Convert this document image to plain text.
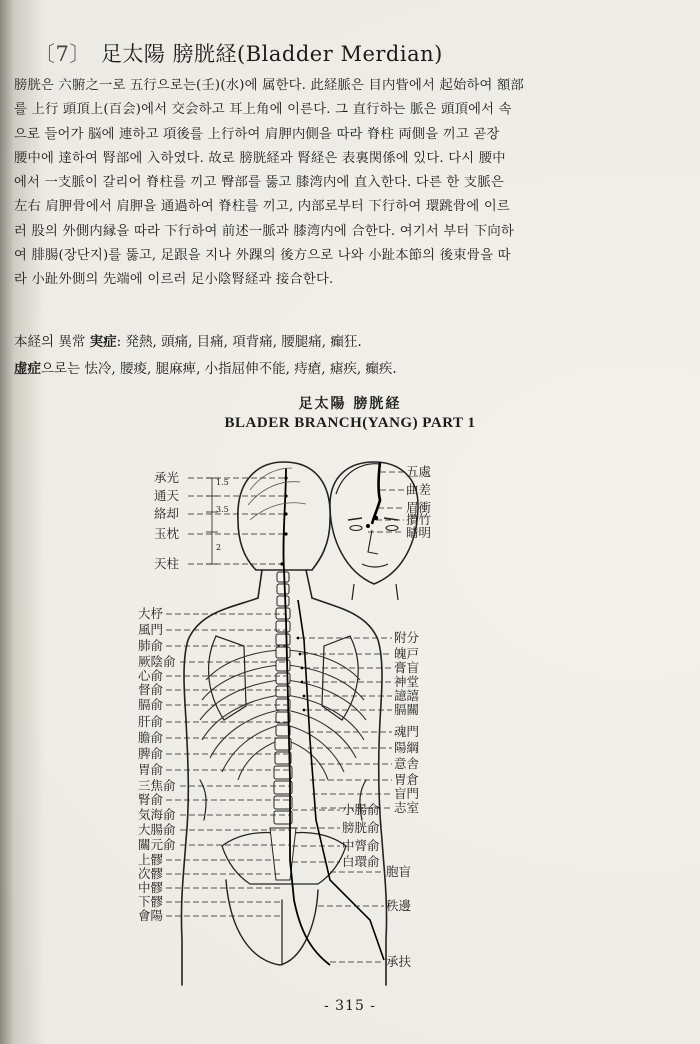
〔7〕 足太陽 膀胱経(Bladder Merdian)

膀胱은 六腑之一로 五行으로는(壬)(水)에 属한다. 此経脈은 目内眥에서 起始하여 額部

를 上行 頭頂上(百会)에서 交会하고 耳上角에 이른다. 그 直行하는 脈은 頭頂에서 속

으로 들어가 脳에 連하고 項後를 上行하여 肩胛内側을 따라 脊柱 両側을 끼고 곧장

腰中에 達하여 腎部에 入하였다. 故로 膀胱経과 腎経은 表裏関係에 있다. 다시 腰中

에서 一支脈이 갈리어 脊柱를 끼고 臀部를 뚫고 膝湾内에 直入한다. 다른 한 支脈은

左右 肩胛骨에서 肩胛을 通過하여 脊柱를 끼고, 内部로부터 下行하여 環跳骨에 이르

러 股의 外側内縁을 따라 下行하여 前述一脈과 膝湾内에 合한다. 여기서 부터 下向하

여 腓腸(장단지)를 뚫고, 足跟을 지나 外踝의 後方으로 나와 小趾本節의 後束骨을 따

라 小趾外側의 先端에 이르러 足小陰腎経과 接合한다.

本経의 異常 実症: 発熱, 頭痛, 目痛, 項背痛, 腰腿痛, 癲狂.
虚症으로는 怯冷, 腰痠, 腿麻痺, 小指屈伸不能, 痔瘡, 瘧疾, 癲疾.
足太陽 膀胱経
BLADER BRANCH(YANG) PART 1
1.5
3.5
2
承光
通天
絡却
玉枕
天柱
五處
曲差
眉衝
攢竹
睛明
大杼
風門
肺俞
厥陰俞
心俞
督俞
膈俞
肝俞
膽俞
脾俞
胃俞
三焦俞
腎俞
気海俞
大腸俞
關元俞
上髎
次髎
中髎
下髎
會陽
附分
魄戸
膏盲
神堂
譩譆
膈關
魂門
陽綱
意舎
胃倉
盲門
志室
小腸俞
膀胱俞
中膂俞
白環俞
胞盲
秩邊
承扶
- 315 -
